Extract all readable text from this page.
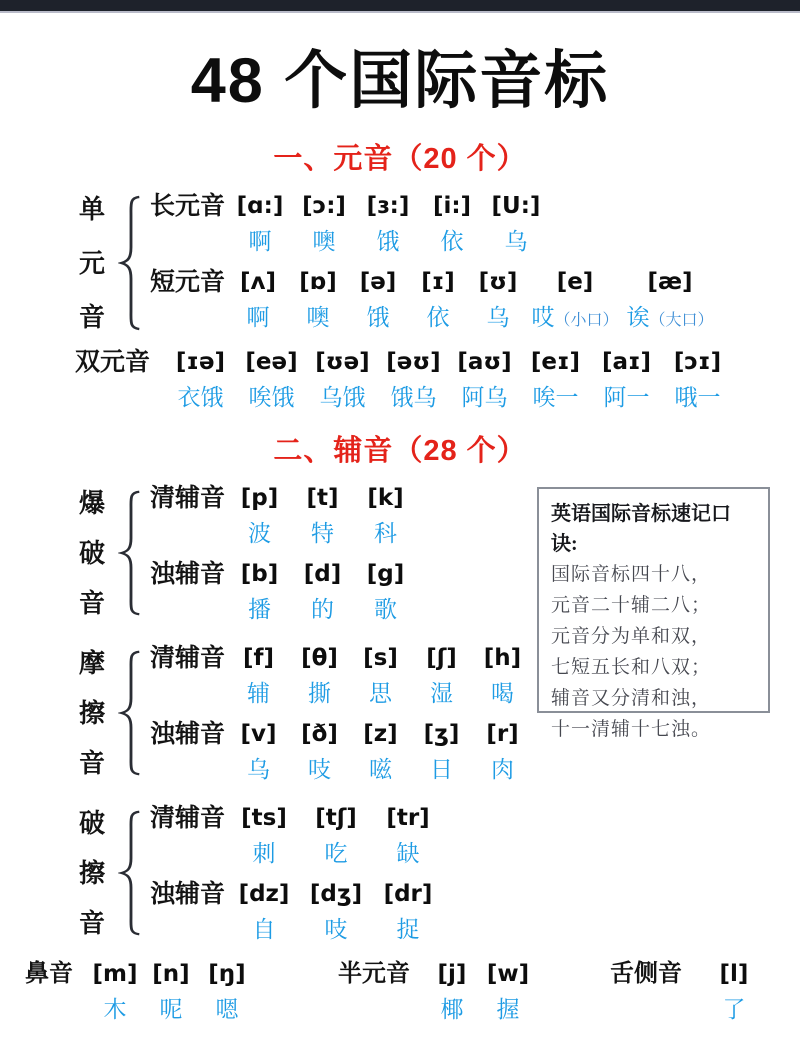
48 个国际音标
一、元音（20 个）
单
元
音
长元音 [ɑ:]
啊
[ɔ:]
噢
[ɜ:]
饿
[i:]
依
[U:]
乌
短元音 [ʌ]
啊
[ɒ]
噢
[ə]
饿
[ɪ]
依
[ʊ]
乌
[e]
哎（小口）
[æ]
诶（大口）
双元音	[ɪə]
衣饿
[eə]
唉饿
[ʊə]
乌饿
[əʊ]
饿乌
[aʊ]
阿乌
[eɪ]
唉一
[aɪ]
阿一
[ɔɪ]
哦一
二、辅音（28 个）
爆
破
音
清辅音 [p]
波
[t]
特
[k]
科
浊辅音 [b]
播
[d]
的
[g]
歌
摩
擦
音
清辅音 [f]
辅
[θ]
撕
[s]
思
[ʃ]
湿
[h]
喝
浊辅音 [v]
乌
[ð]
吱
[z]
嗞
[ʒ]
日
[r]
肉
破
擦
音
清辅音 [ts]
刺
[tʃ]
吃
[tr]
缺
浊辅音 [dz]
自
[dʒ]
吱
[dr]
捉
英语国际音标速记口诀:
国际音标四十八，
元音二十辅二八；
元音分为单和双，
七短五长和八双；
辅音又分清和浊，
十一清辅十七浊。
鼻音 [m]
木
[n]
呢
[ŋ]
嗯
半元音 [j]
椰
[w]
握
舌侧音 [l]
了
